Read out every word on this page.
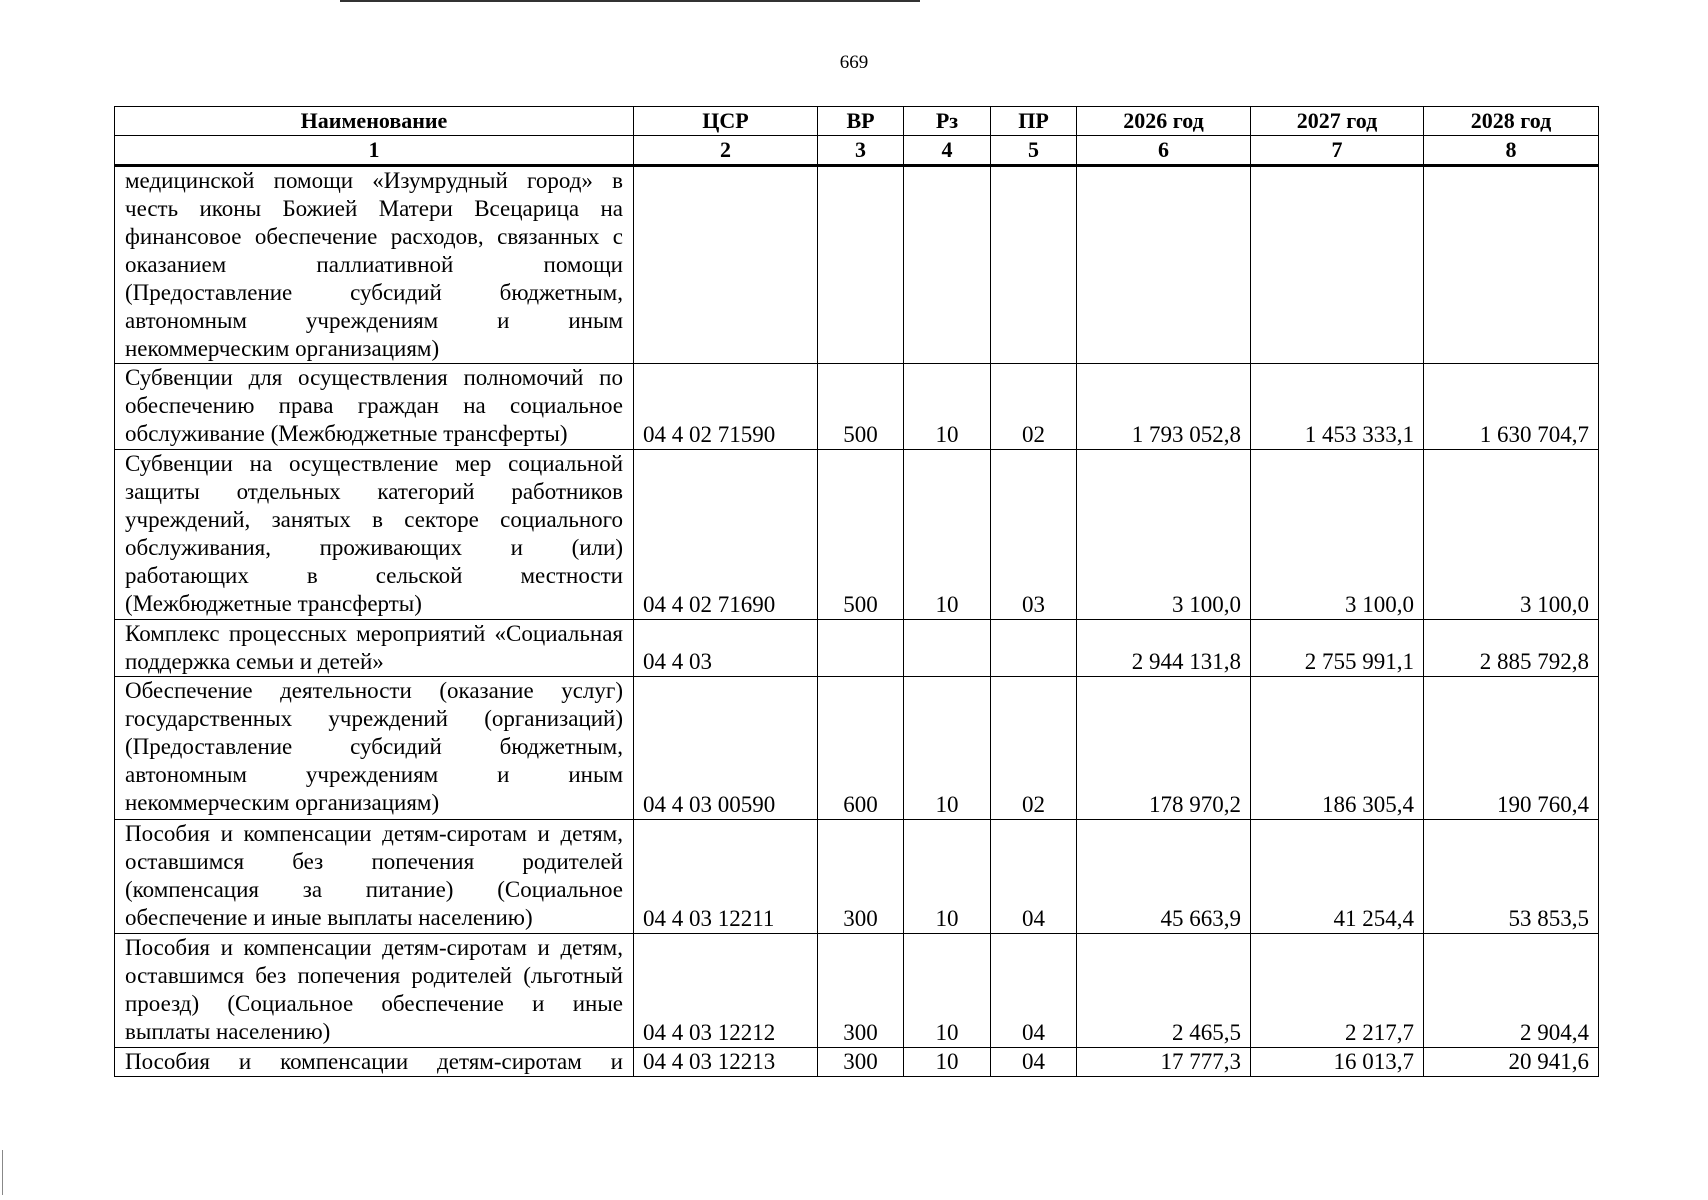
669
Наименование	ЦСР	ВР	Рз	ПР	2026 год	2027 год	2028 год
1	2	3	4	5	6	7	8
медицинской помощи «Изумрудный город» в честь иконы Божией Матери Всецарица на финансовое обеспечение расходов, связанных с оказанием паллиативной помощи (Предоставление субсидий бюджетным, автономным учреждениям и иным некоммерческим организациям)							
Субвенции для осуществления полномочий по обеспечению права граждан на социальное обслуживание (Межбюджетные трансферты)	04 4 02 71590	500	10	02	1 793 052,8	1 453 333,1	1 630 704,7
Субвенции на осуществление мер социальной защиты отдельных категорий работников учреждений, занятых в секторе социального обслуживания, проживающих и (или) работающих в сельской местности (Межбюджетные трансферты)	04 4 02 71690	500	10	03	3 100,0	3 100,0	3 100,0
Комплекс процессных мероприятий «Социальная поддержка семьи и детей»	04 4 03				2 944 131,8	2 755 991,1	2 885 792,8
Обеспечение деятельности (оказание услуг) государственных учреждений (организаций) (Предоставление субсидий бюджетным, автономным учреждениям и иным некоммерческим организациям)	04 4 03 00590	600	10	02	178 970,2	186 305,4	190 760,4
Пособия и компенсации детям-сиротам и детям, оставшимся без попечения родителей (компенсация за питание) (Социальное обеспечение и иные выплаты населению)	04 4 03 12211	300	10	04	45 663,9	41 254,4	53 853,5
Пособия и компенсации детям-сиротам и детям, оставшимся без попечения родителей (льготный проезд) (Социальное обеспечение и иные выплаты населению)	04 4 03 12212	300	10	04	2 465,5	2 217,7	2 904,4
Пособия и компенсации детям-сиротам и	04 4 03 12213	300	10	04	17 777,3	16 013,7	20 941,6
